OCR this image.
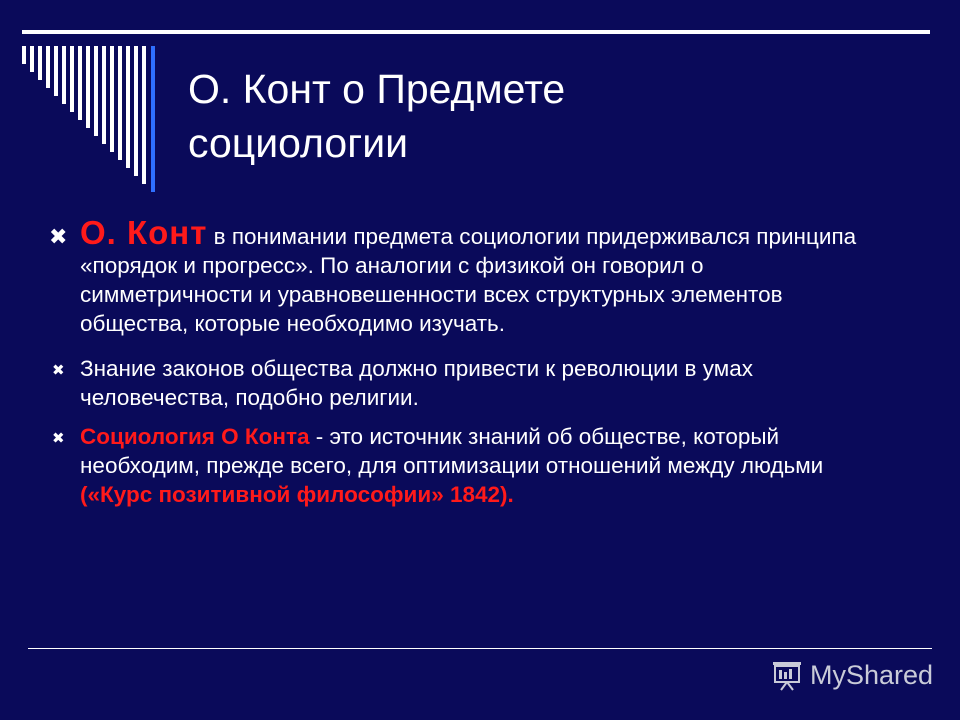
О. Конт о Предмете
социологии
✖ О. Конт в понимании предмета социологии придерживался принципа «порядок и прогресс». По аналогии с физикой он говорил о симметричности и уравновешенности всех структурных элементов общества, которые необходимо изучать.
✖ Знание законов общества должно привести к революции в умах человечества, подобно религии.
✖ Социология О Конта - это источник знаний об обществе, который необходим, прежде всего, для оптимизации отношений между людьми («Курс позитивной философии» 1842).
MyShared
